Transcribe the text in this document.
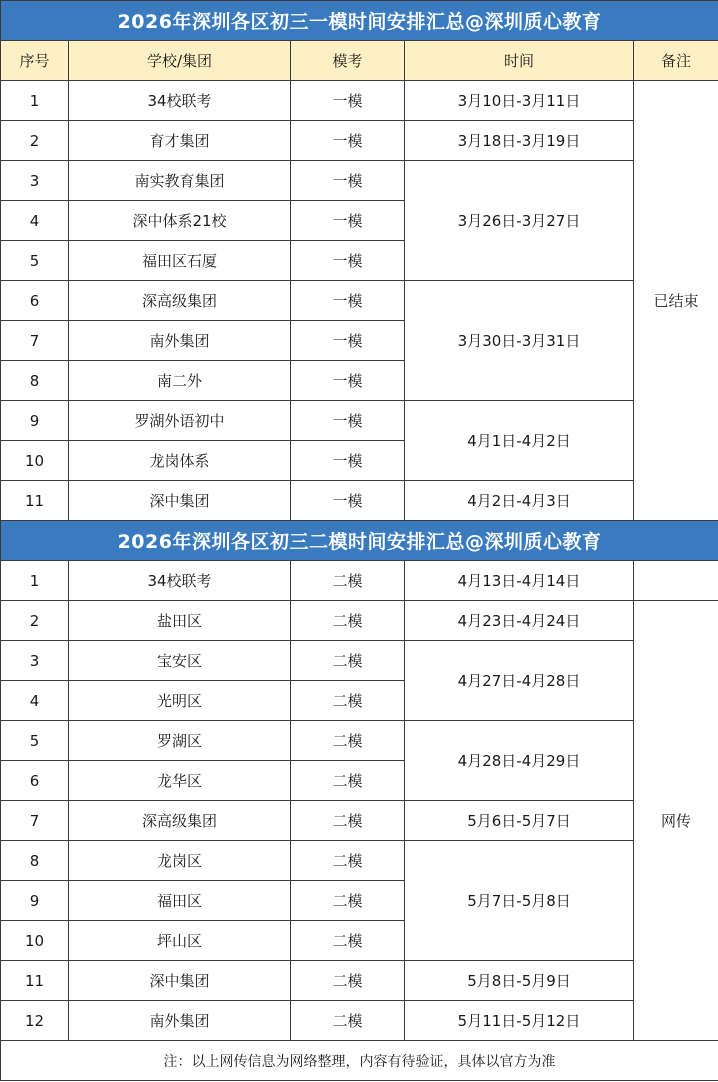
2026年深圳各区初三一模时间安排汇总@深圳质心教育				
序号	学校/集团	模考	时间	备注
1	34校联考	一模	3月10日-3月11日	已结束
2	育才集团	一模	3月18日-3月19日	
3	南实教育集团	一模	3月26日-3月27日	
4	深中体系21校	一模		
5	福田区石厦	一模		
6	深高级集团	一模	3月30日-3月31日	
7	南外集团	一模		
8	南二外	一模		
9	罗湖外语初中	一模	4月1日-4月2日	
10	龙岗体系	一模		
11	深中集团	一模	4月2日-4月3日	
2026年深圳各区初三二模时间安排汇总@深圳质心教育				
1	34校联考	二模	4月13日-4月14日	
2	盐田区	二模	4月23日-4月24日	网传
3	宝安区	二模	4月27日-4月28日	
4	光明区	二模		
5	罗湖区	二模	4月28日-4月29日	
6	龙华区	二模		
7	深高级集团	二模	5月6日-5月7日	
8	龙岗区	二模	5月7日-5月8日	
9	福田区	二模		
10	坪山区	二模		
11	深中集团	二模	5月8日-5月9日	
12	南外集团	二模	5月11日-5月12日	
注：以上网传信息为网络整理，内容有待验证，具体以官方为准				
